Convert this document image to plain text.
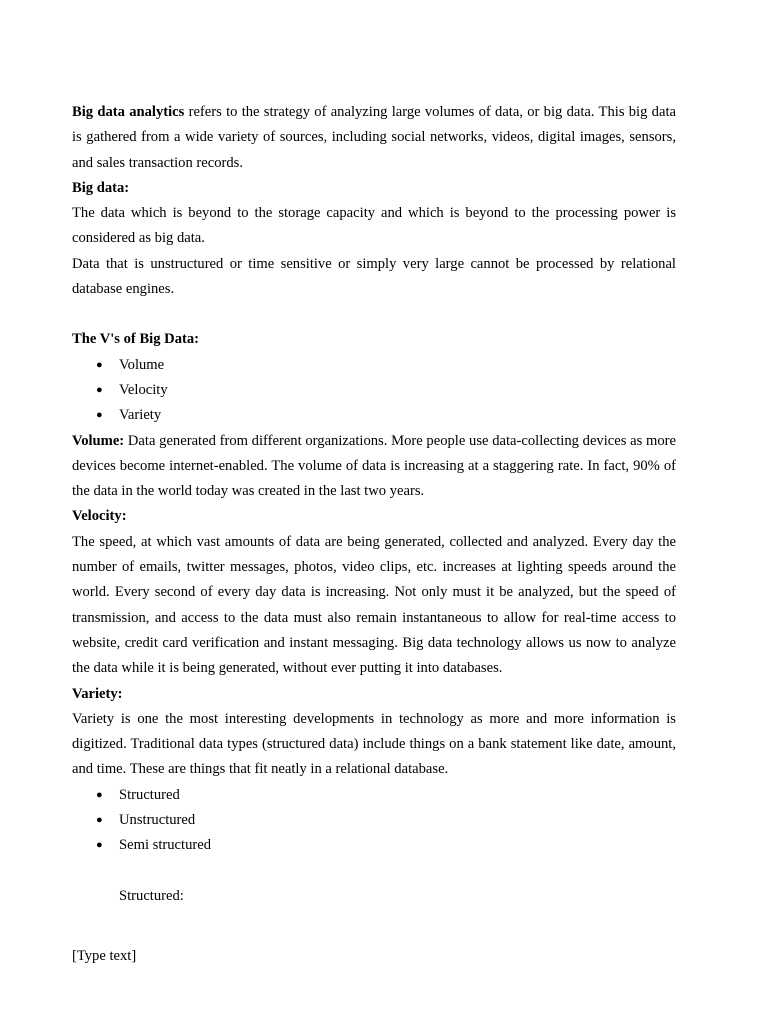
Big data analytics refers to the strategy of analyzing large volumes of data, or big data. This big data is gathered from a wide variety of sources, including social networks, videos, digital images, sensors, and sales transaction records.

Big data:

The data which is beyond to the storage capacity and which is beyond to the processing power is considered as big data.

Data that is unstructured or time sensitive or simply very large cannot be processed by relational database engines.

The V's of Big Data:

● Volume
● Velocity
● Variety

Volume: Data generated from different organizations. More people use data-collecting devices as more devices become internet-enabled. The volume of data is increasing at a staggering rate. In fact, 90% of the data in the world today was created in the last two years.

Velocity:

The speed, at which vast amounts of data are being generated, collected and analyzed. Every day the number of emails, twitter messages, photos, video clips, etc. increases at lighting speeds around the world. Every second of every day data is increasing. Not only must it be analyzed, but the speed of transmission, and access to the data must also remain instantaneous to allow for real-time access to website, credit card verification and instant messaging. Big data technology allows us now to analyze the data while it is being generated, without ever putting it into databases.

Variety:

Variety is one the most interesting developments in technology as more and more information is digitized. Traditional data types (structured data) include things on a bank statement like date, amount, and time. These are things that fit neatly in a relational database.

● Structured
● Unstructured
● Semi structured

Structured:

[Type text]
